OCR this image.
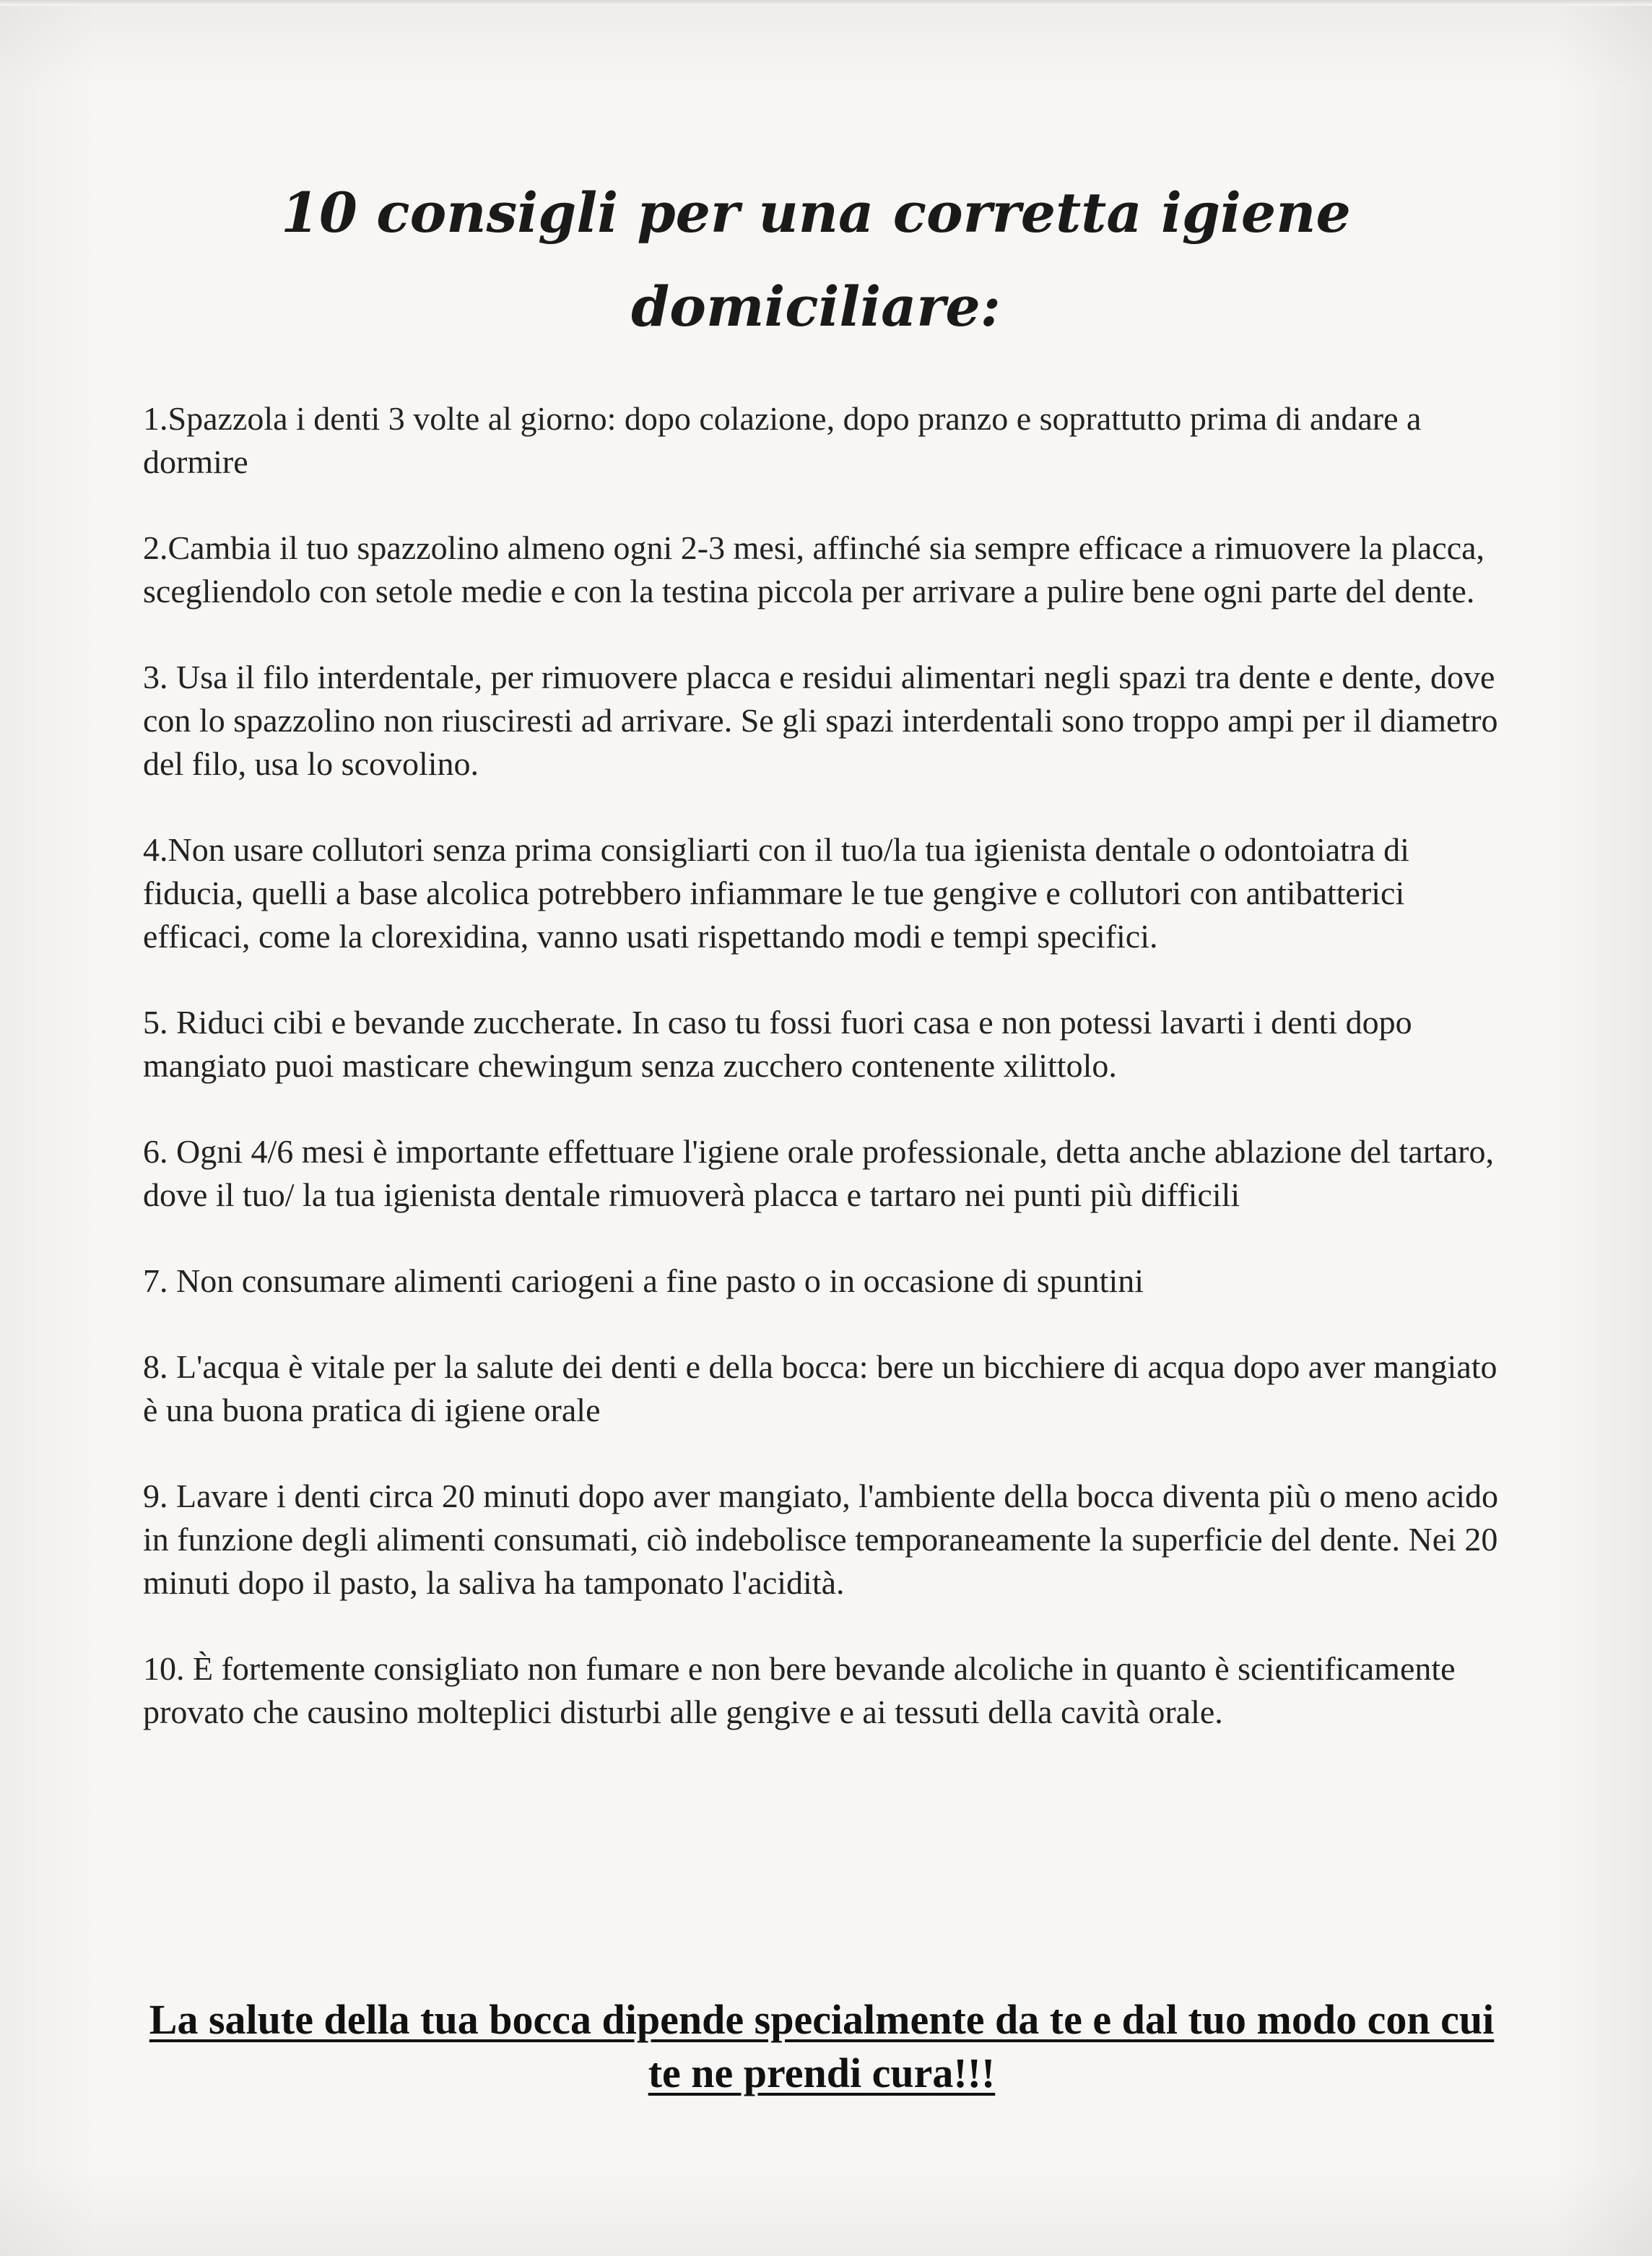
10 consigli per una corretta igiene domiciliare:
1.Spazzola i denti 3 volte al giorno: dopo colazione, dopo pranzo e soprattutto prima di andare a dormire
2.Cambia il tuo spazzolino almeno ogni 2-3 mesi, affinché sia sempre efficace a rimuovere la placca, scegliendolo con setole medie e con la testina piccola per arrivare a pulire bene ogni parte del dente.
3. Usa il filo interdentale, per rimuovere placca e residui alimentari negli spazi tra dente e dente, dove con lo spazzolino non riusciresti ad arrivare. Se gli spazi interdentali sono troppo ampi per il diametro del filo, usa lo scovolino.
4.Non usare collutori senza prima consigliarti con il tuo/la tua igienista dentale o odontoiatra di fiducia, quelli a base alcolica potrebbero infiammare le tue gengive e collutori con antibatterici efficaci, come la clorexidina, vanno usati rispettando modi e tempi specifici.
5. Riduci cibi e bevande zuccherate. In caso tu fossi fuori casa e non potessi lavarti i denti dopo mangiato puoi masticare chewingum senza zucchero contenente xilittolo.
6. Ogni 4/6 mesi è importante effettuare l'igiene orale professionale, detta anche ablazione del tartaro, dove il tuo/ la tua igienista dentale rimuoverà placca e tartaro nei punti più difficili
7. Non consumare alimenti cariogeni a fine pasto o in occasione di spuntini
8. L'acqua è vitale per la salute dei denti e della bocca: bere un bicchiere di acqua dopo aver mangiato è una buona pratica di igiene orale
9. Lavare i denti circa 20 minuti dopo aver mangiato, l'ambiente della bocca diventa più o meno acido in funzione degli alimenti consumati, ciò indebolisce temporaneamente la superficie del dente. Nei 20 minuti dopo il pasto, la saliva ha tamponato l'acidità.
10. È fortemente consigliato non fumare e non bere bevande alcoliche in quanto è scientificamente provato che causino molteplici disturbi alle gengive e ai tessuti della cavità orale.

La salute della tua bocca dipende specialmente da te e dal tuo modo con cui te ne prendi cura!!!
